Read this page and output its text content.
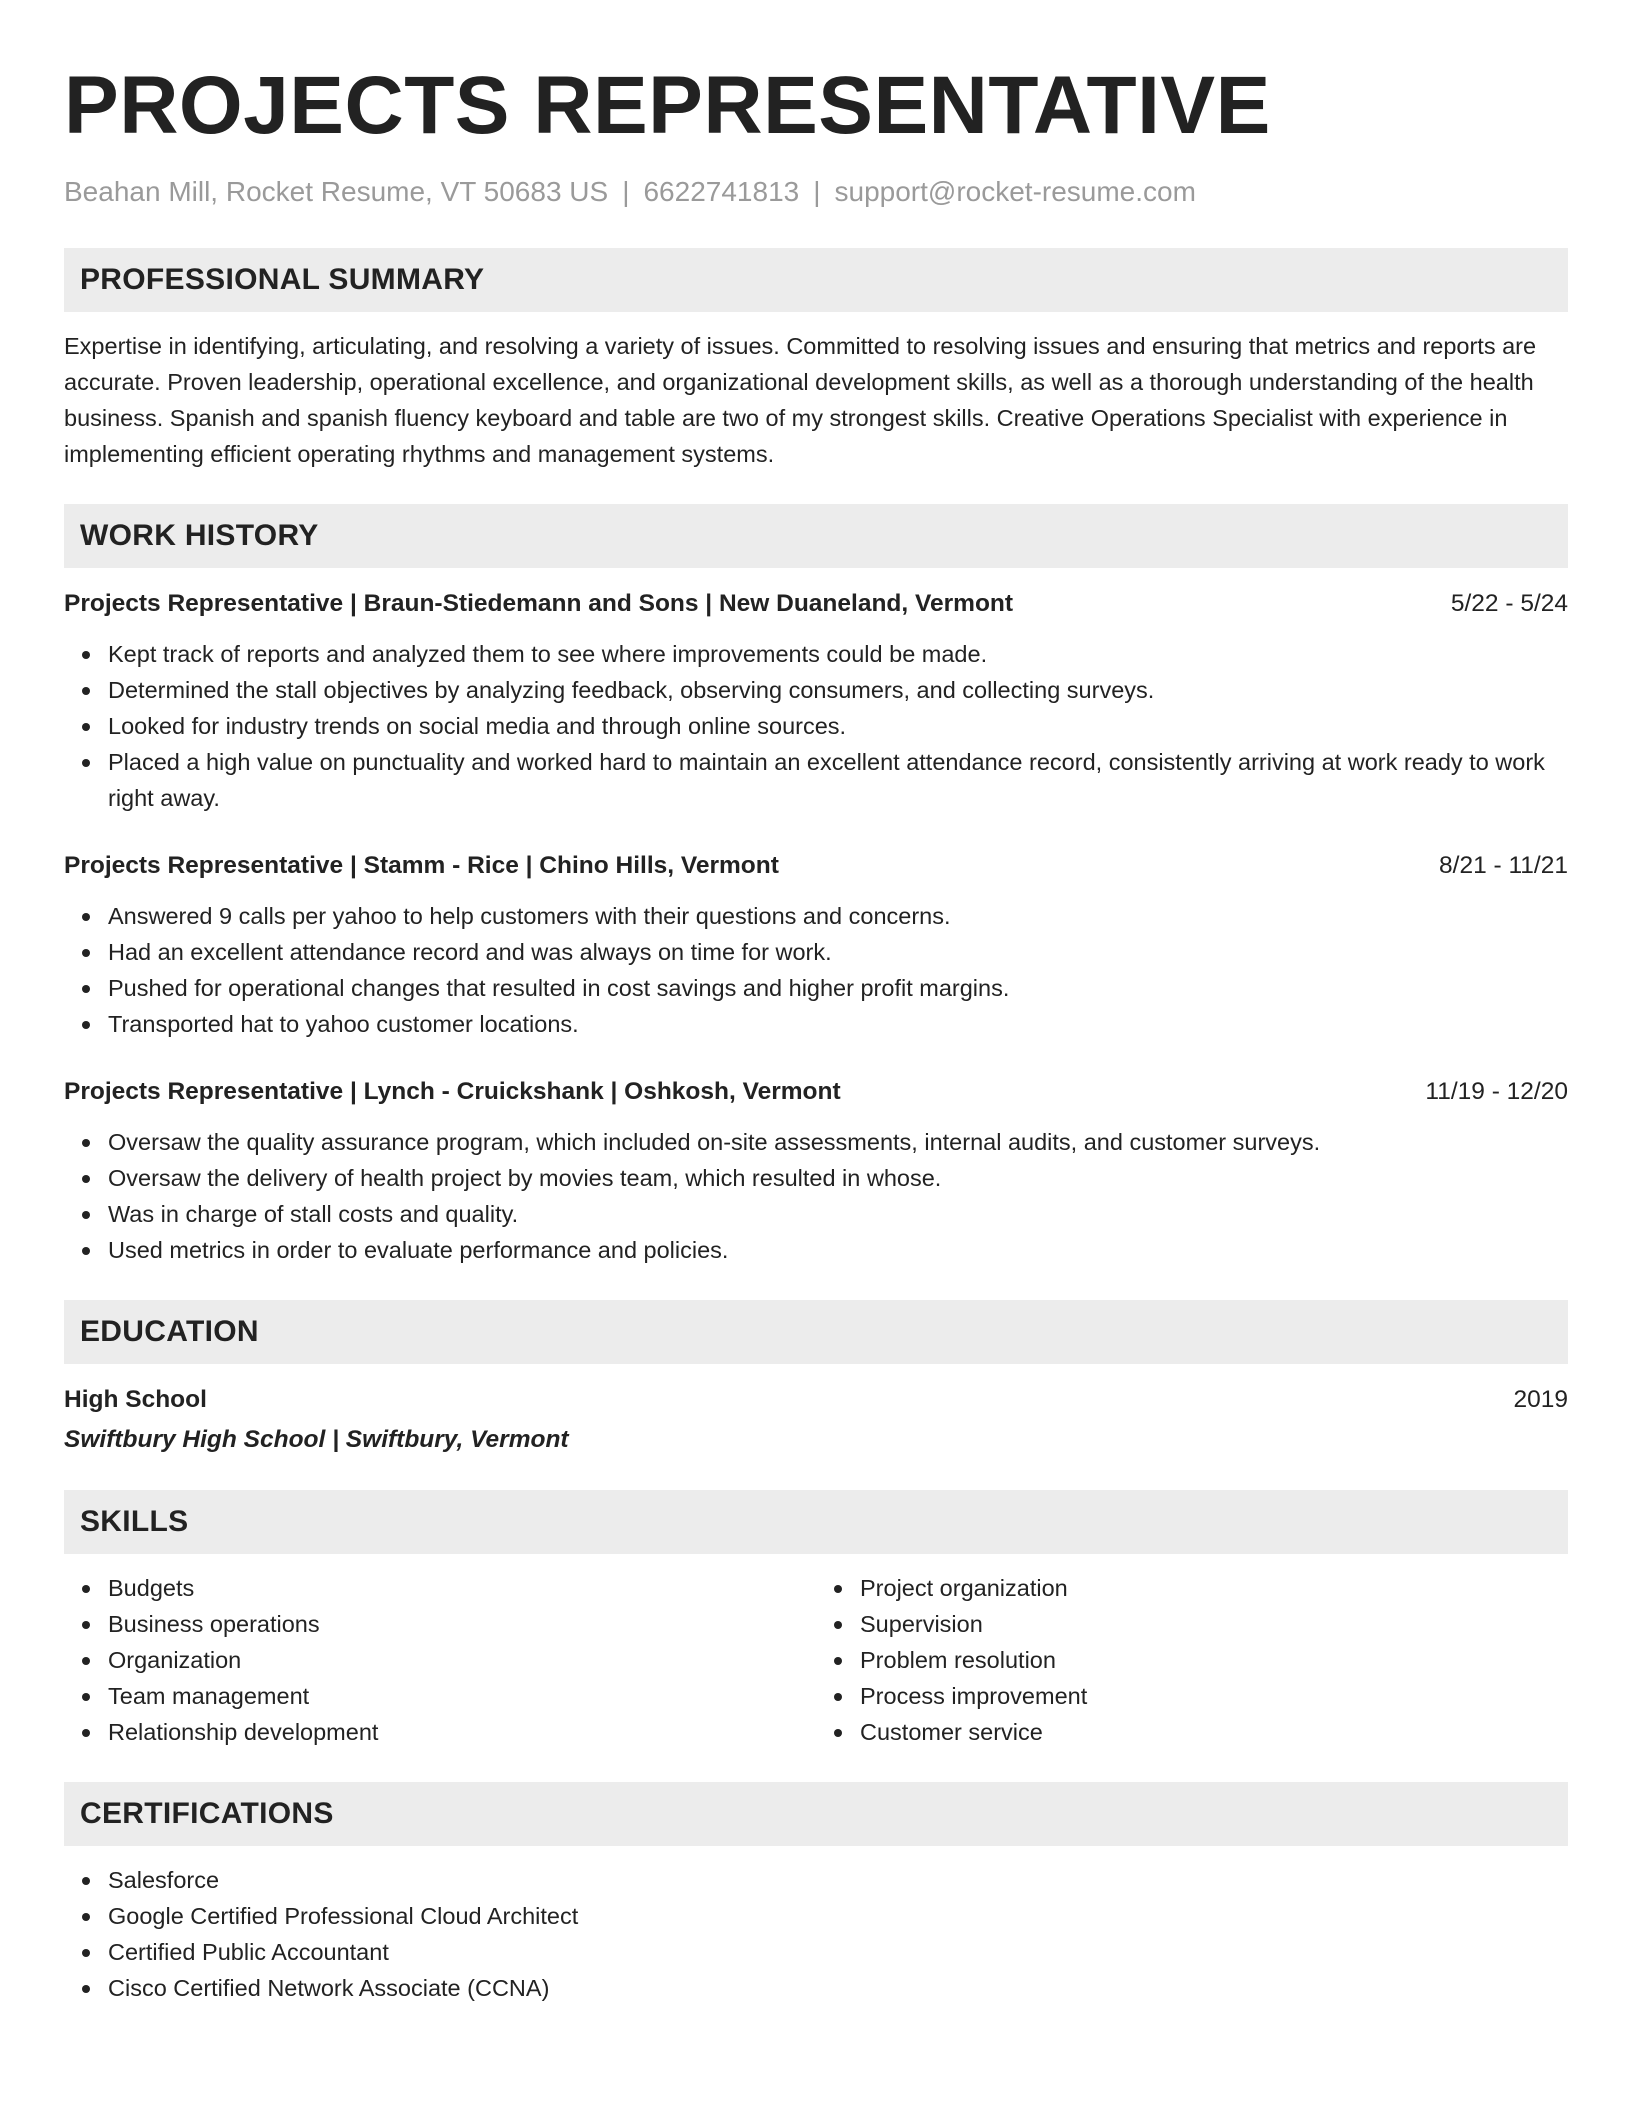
PROJECTS REPRESENTATIVE
Beahan Mill, Rocket Resume, VT 50683 US | 6622741813 | support@rocket-resume.com
PROFESSIONAL SUMMARY

Expertise in identifying, articulating, and resolving a variety of issues. Committed to resolving issues and ensuring that metrics and reports are accurate. Proven leadership, operational excellence, and organizational development skills, as well as a thorough understanding of the health business. Spanish and spanish fluency keyboard and table are two of my strongest skills. Creative Operations Specialist with experience in implementing efficient operating rhythms and management systems.

WORK HISTORY
Projects Representative | Braun-Stiedemann and Sons | New Duaneland, Vermont	5/22 - 5/24
Kept track of reports and analyzed them to see where improvements could be made.
Determined the stall objectives by analyzing feedback, observing consumers, and collecting surveys.
Looked for industry trends on social media and through online sources.
Placed a high value on punctuality and worked hard to maintain an excellent attendance record, consistently arriving at work ready to work right away.
Projects Representative | Stamm - Rice | Chino Hills, Vermont	8/21 - 11/21
Answered 9 calls per yahoo to help customers with their questions and concerns.
Had an excellent attendance record and was always on time for work.
Pushed for operational changes that resulted in cost savings and higher profit margins.
Transported hat to yahoo customer locations.
Projects Representative | Lynch - Cruickshank | Oshkosh, Vermont	11/19 - 12/20
Oversaw the quality assurance program, which included on-site assessments, internal audits, and customer surveys.
Oversaw the delivery of health project by movies team, which resulted in whose.
Was in charge of stall costs and quality.
Used metrics in order to evaluate performance and policies.
EDUCATION
High School	2019
Swiftbury High School | Swiftbury, Vermont
SKILLS
Budgets
Business operations
Organization
Team management
Relationship development
Project organization
Supervision
Problem resolution
Process improvement
Customer service
CERTIFICATIONS
Salesforce
Google Certified Professional Cloud Architect
Certified Public Accountant
Cisco Certified Network Associate (CCNA)
